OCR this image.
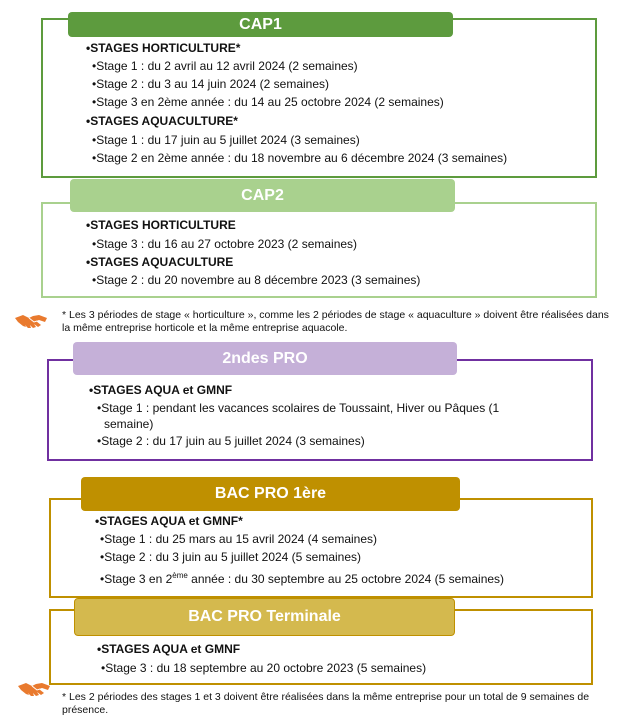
CAP1
•STAGES HORTICULTURE*
•Stage 1 : du 2 avril au 12 avril 2024 (2 semaines)
•Stage 2 : du 3 au 14 juin 2024 (2 semaines)
•Stage 3 en 2ème année : du 14 au 25 octobre 2024 (2 semaines)
•STAGES AQUACULTURE*
•Stage 1 : du 17 juin au 5 juillet 2024 (3 semaines)
•Stage 2 en 2ème année : du 18 novembre au 6 décembre 2024 (3 semaines)
CAP2
•STAGES HORTICULTURE
•Stage 3 : du 16 au 27 octobre 2023 (2 semaines)
•STAGES AQUACULTURE
•Stage 2 : du 20 novembre au 8 décembre 2023 (3 semaines)
* Les 3 périodes de stage « horticulture », comme les 2 périodes de stage « aquaculture » doivent être réalisées dans la même entreprise horticole et la même entreprise aquacole.
2ndes PRO
•STAGES AQUA et GMNF
•Stage 1 : pendant les vacances scolaires de Toussaint, Hiver ou Pâques (1
semaine)
•Stage 2 : du 17 juin au 5 juillet 2024 (3 semaines)
BAC PRO 1ère
•STAGES AQUA et GMNF*
•Stage 1 : du 25 mars au 15 avril 2024 (4 semaines)
•Stage 2 : du 3 juin au 5 juillet 2024 (5 semaines)
•Stage 3 en 2ème année : du 30 septembre au 25 octobre 2024 (5 semaines)
BAC PRO Terminale
•STAGES AQUA et GMNF
•Stage 3 : du 18 septembre au 20 octobre 2023 (5 semaines)
* Les 2 périodes des stages 1 et 3 doivent être réalisées dans la même entreprise pour un total de 9 semaines de présence.
